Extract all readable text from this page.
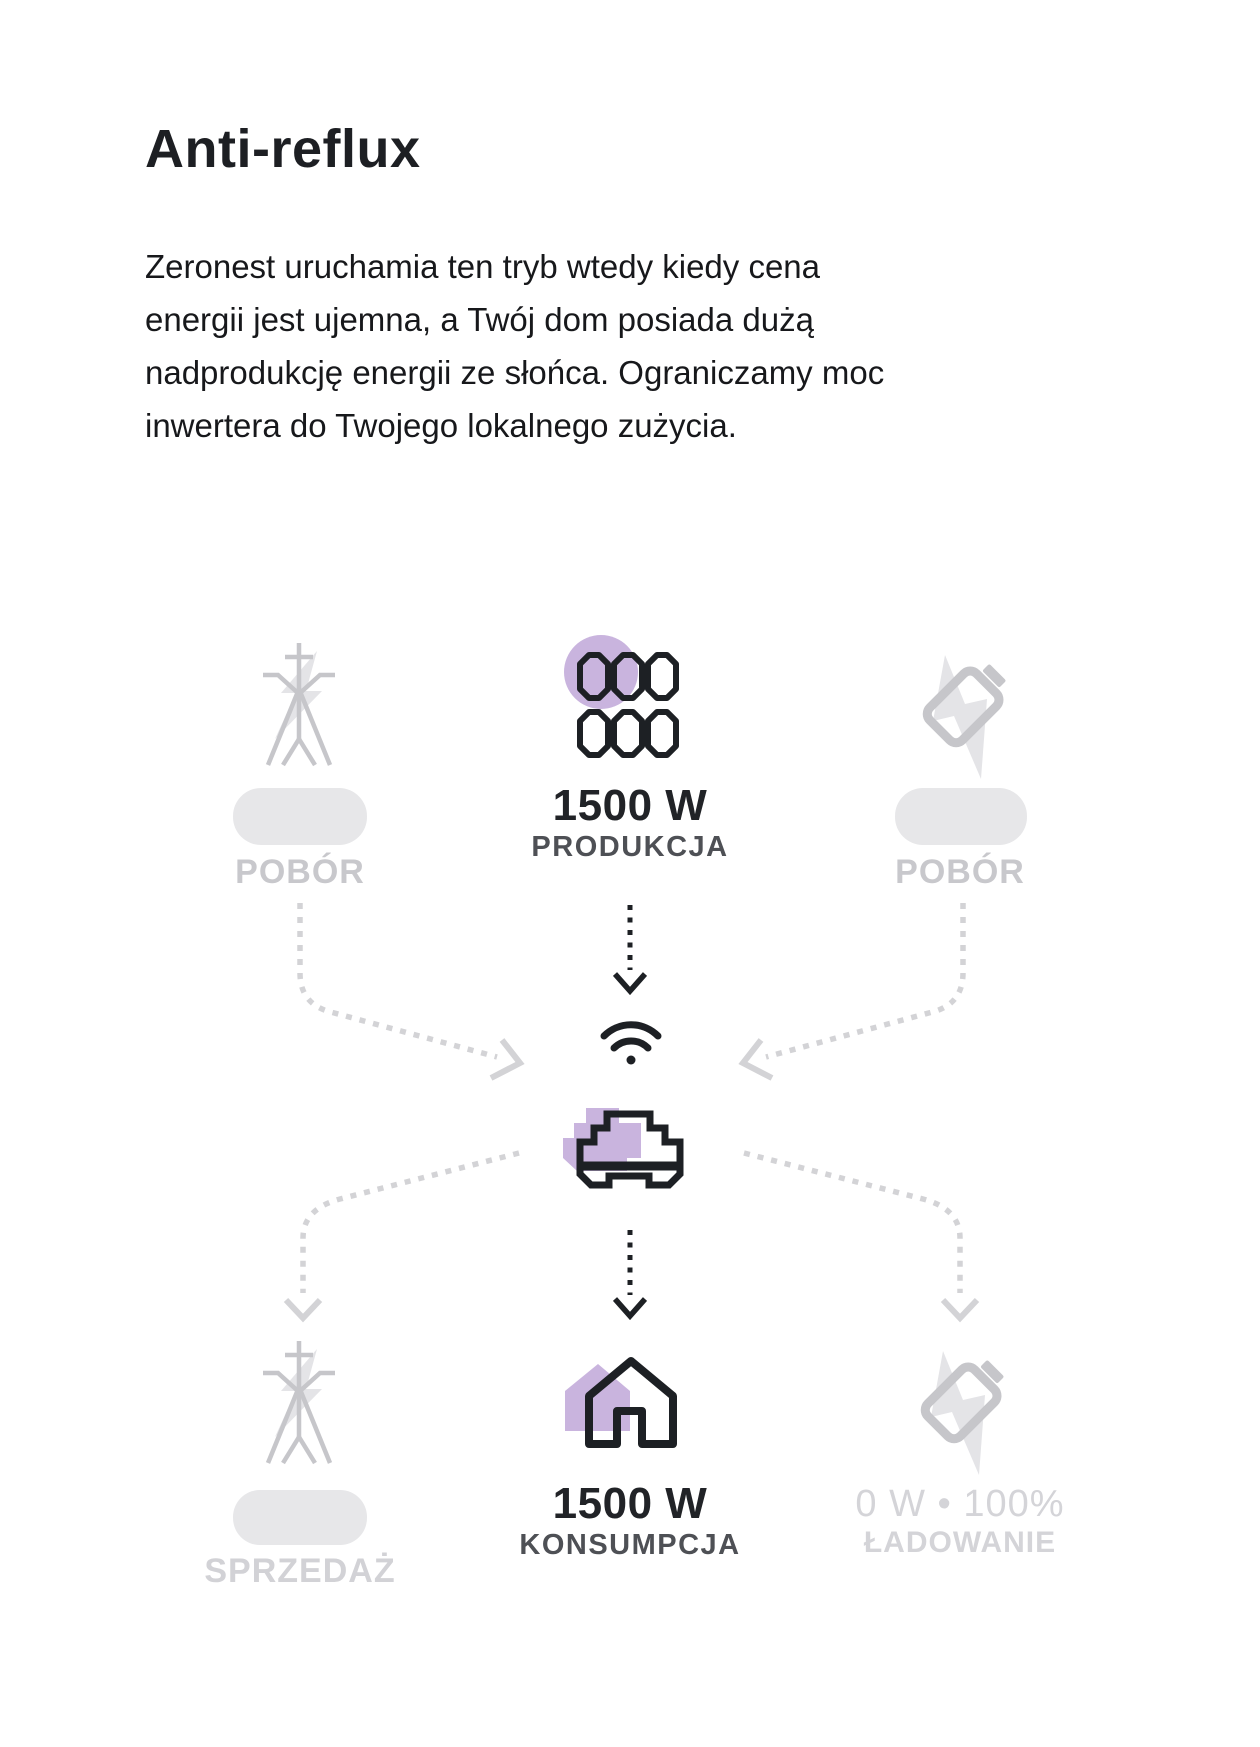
Anti-reflux
Zeronest uruchamia ten tryb wtedy kiedy cena
energii jest ujemna, a Twój dom posiada dużą
nadprodukcję energii ze słońca. Ograniczamy moc
inwertera do Twojego lokalnego zużycia.
1500 W
PRODUKCJA
POBÓR	POBÓR
SPRZEDAŻ
1500 W
KONSUMPCJA
0 W • 100%
ŁADOWANIE
